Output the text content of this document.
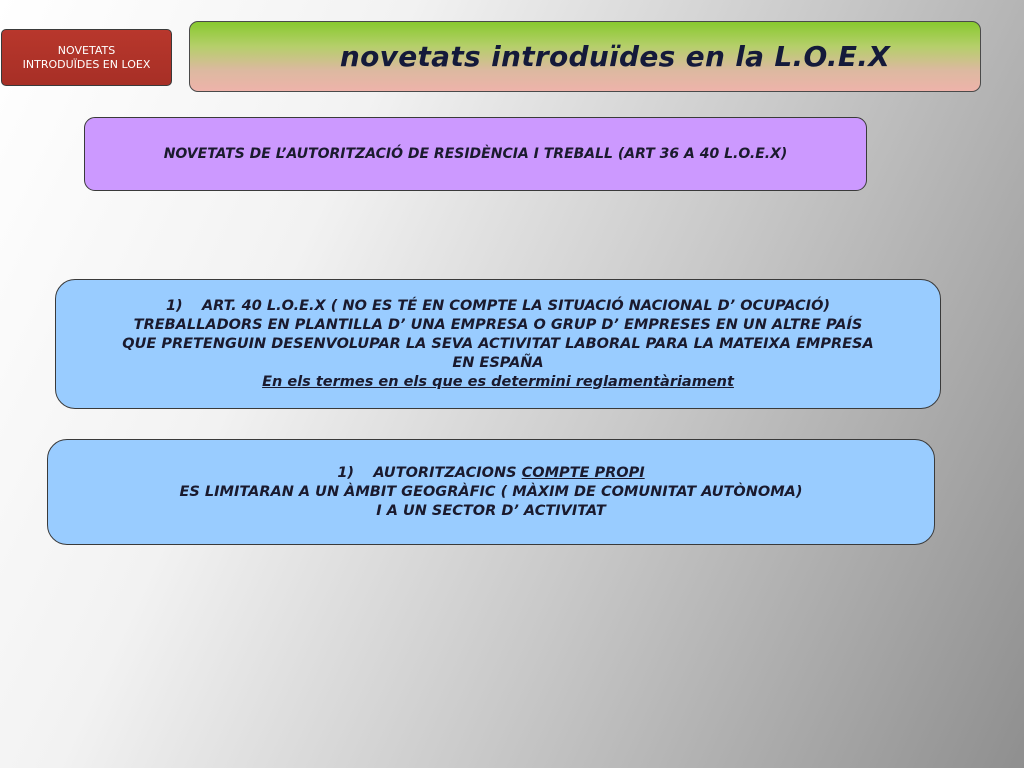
NOVETATS
INTRODUÏDES EN LOEX	novetats introduïdes en la L.O.E.X
NOVETATS DE L’AUTORITZACIÓ DE RESIDÈNCIA I TREBALL (ART 36 A 40 L.O.E.X)
1) ART. 40 L.O.E.X ( NO ES TÉ EN COMPTE LA SITUACIÓ NACIONAL D’ OCUPACIÓ)
TREBALLADORS EN PLANTILLA D’ UNA EMPRESA O GRUP D’ EMPRESES EN UN ALTRE PAÍS
QUE PRETENGUIN DESENVOLUPAR LA SEVA ACTIVITAT LABORAL PARA LA MATEIXA EMPRESA
EN ESPAÑA
En els termes en els que es determini reglamentàriament
1) AUTORITZACIONS COMPTE PROPI
ES LIMITARAN A UN ÀMBIT GEOGRÀFIC ( MÀXIM DE COMUNITAT AUTÒNOMA)
I A UN SECTOR D’ ACTIVITAT
